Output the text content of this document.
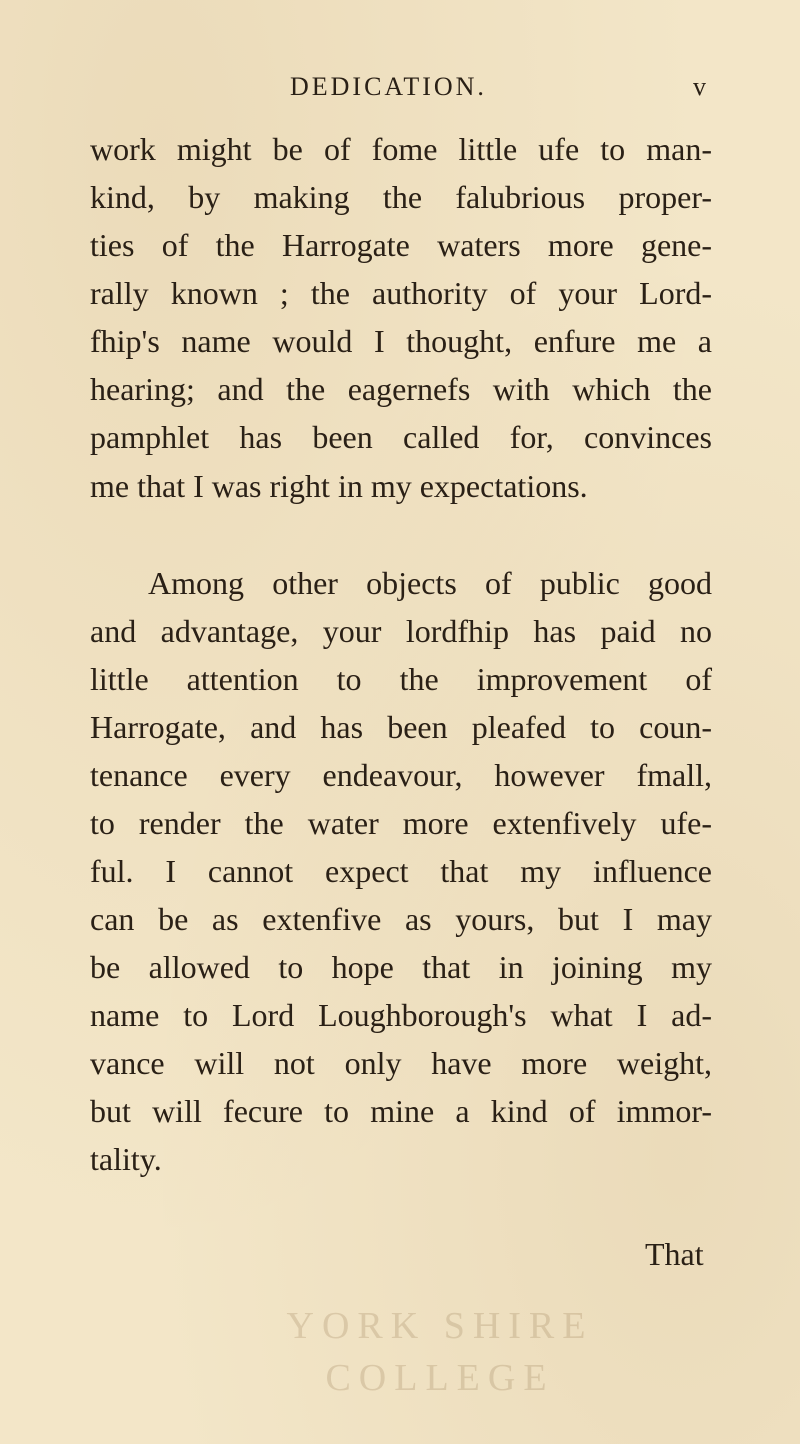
DEDICATION.	v
work might be of fome little ufe to man-
kind, by making the falubrious proper-
ties of the Harrogate waters more gene-
rally known ; the authority of your Lord-
fhip's name would I thought, enfure me a
hearing; and the eagernefs with which the
pamphlet has been called for, convinces
me that I was right in my expectations.
Among other objects of public good
and advantage, your lordfhip has paid no
little attention to the improvement of
Harrogate, and has been pleafed to coun-
tenance every endeavour, however fmall,
to render the water more extenfively ufe-
ful. I cannot expect that my influence
can be as extenfive as yours, but I may
be allowed to hope that in joining my
name to Lord Loughborough's what I ad-
vance will not only have more weight,
but will fecure to mine a kind of immor-
tality.
That
YORK SHIRE
COLLEGE
